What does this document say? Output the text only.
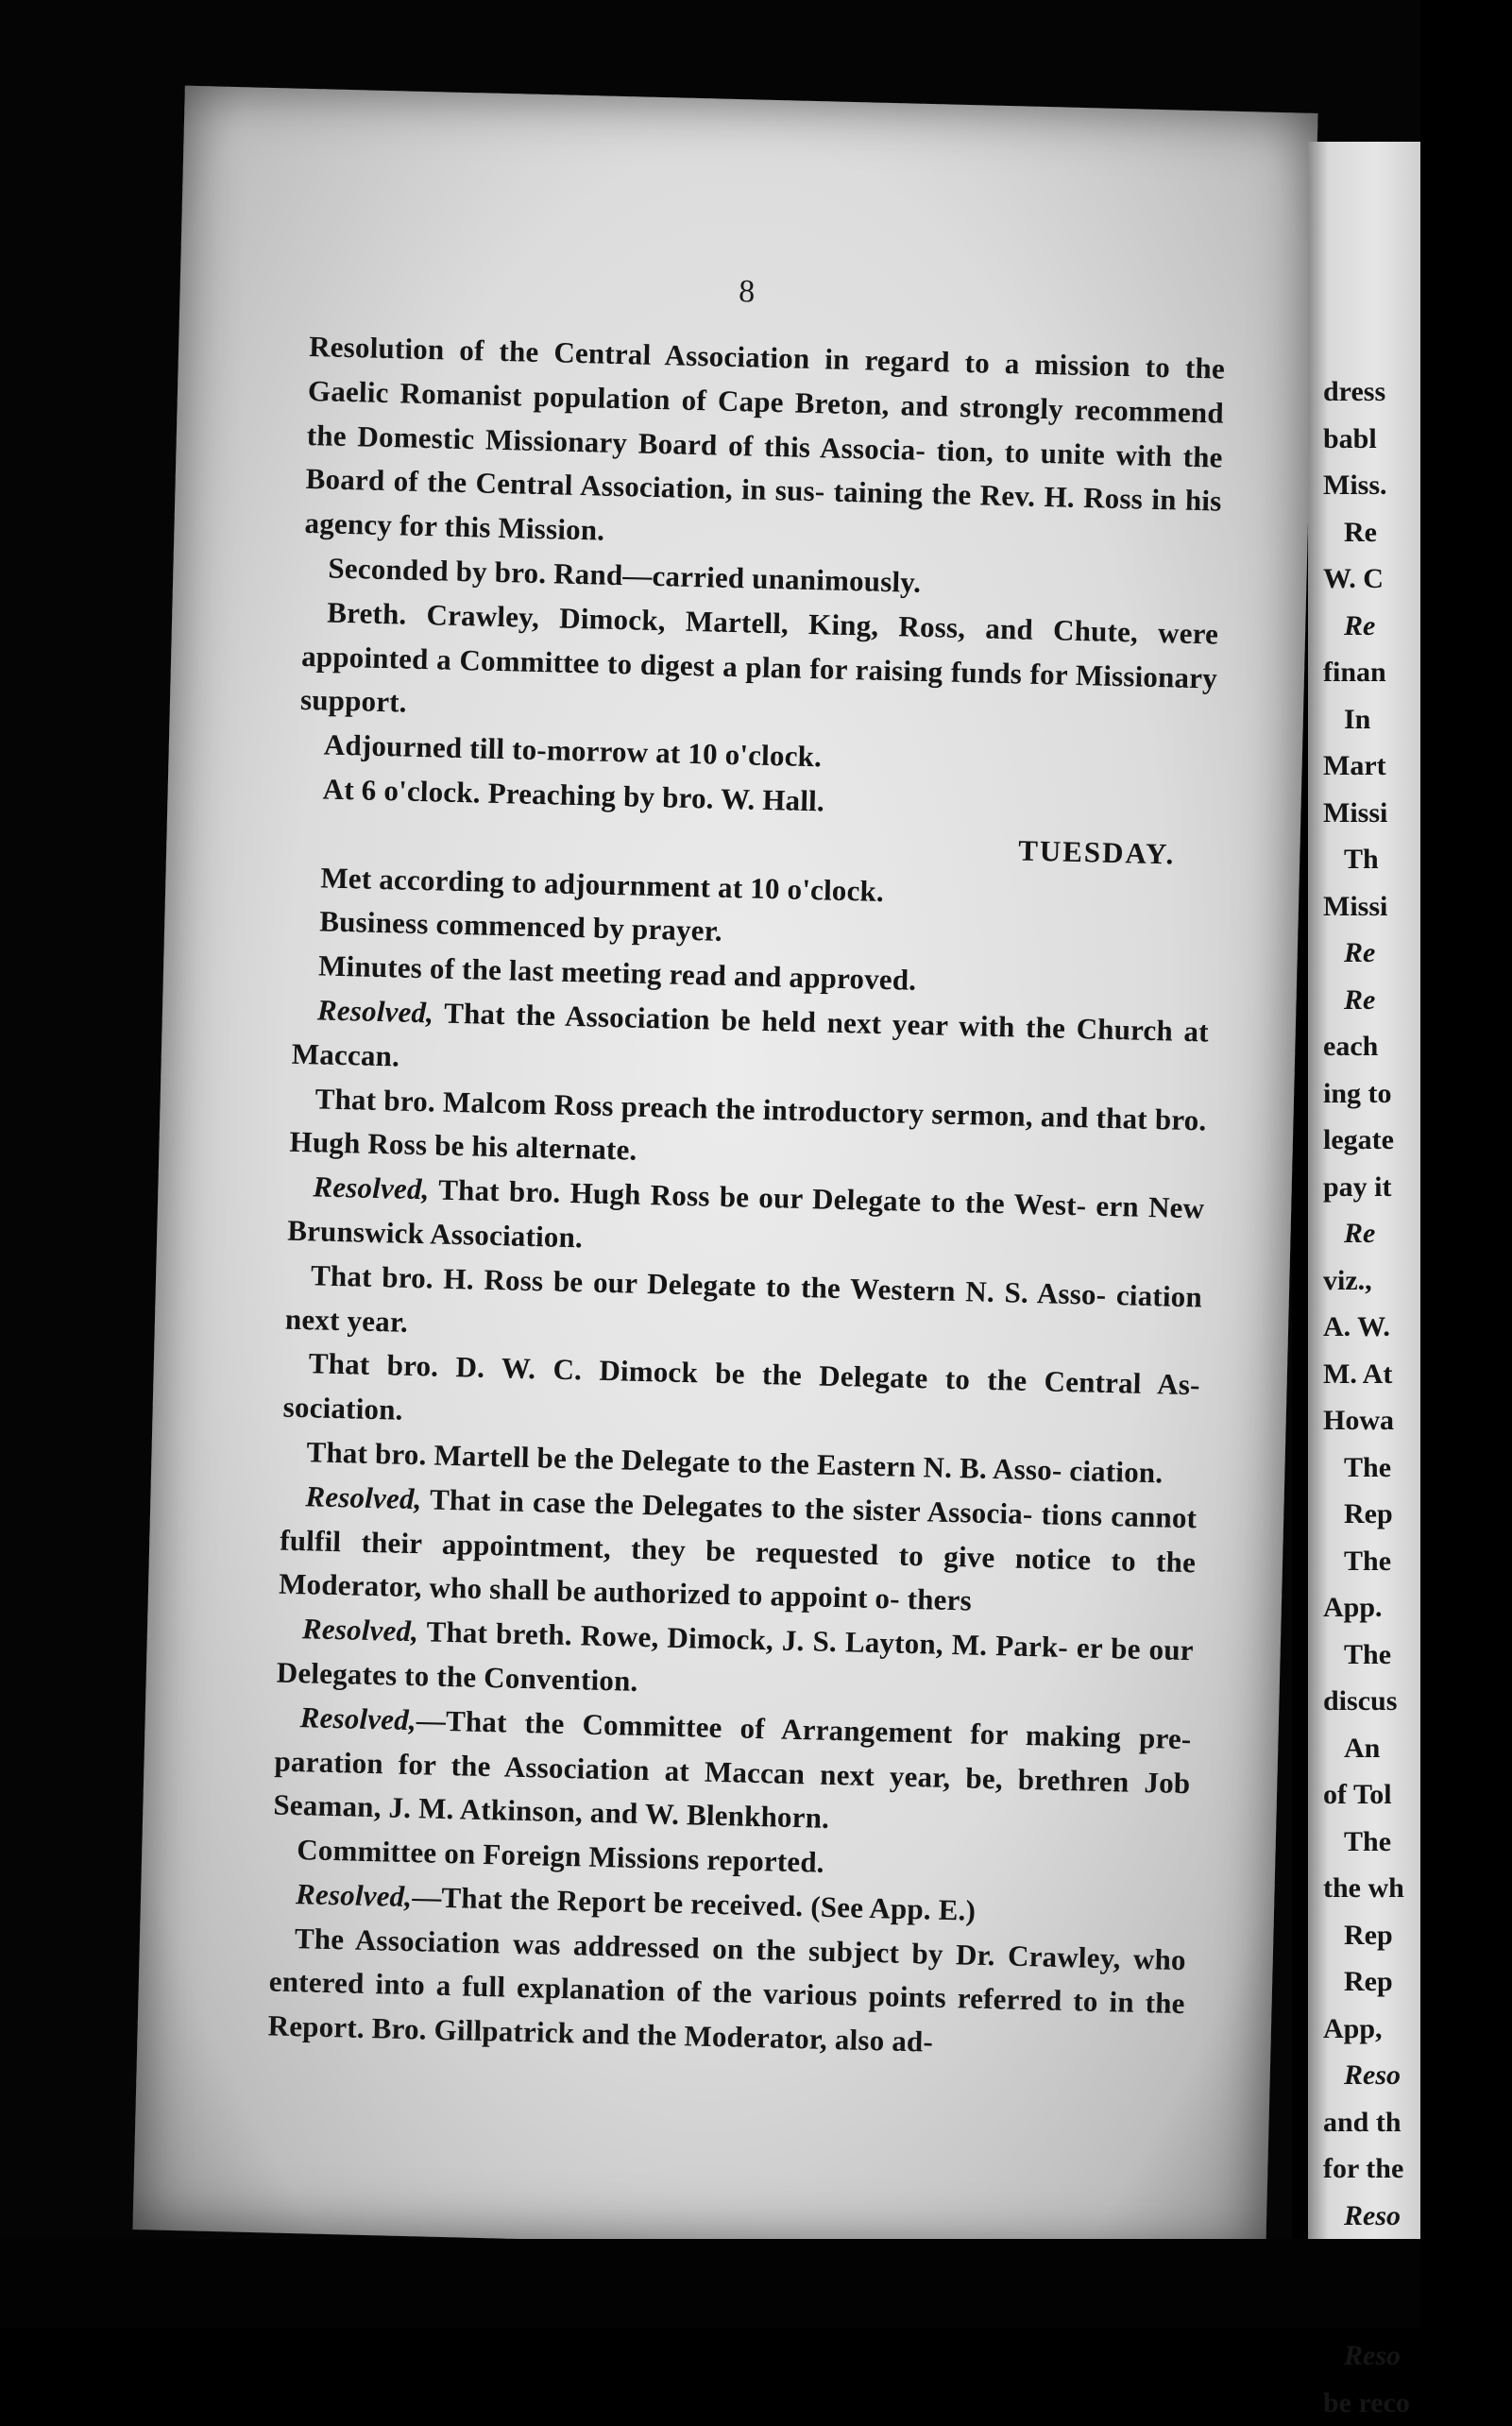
8

Resolution of the Central Association in regard to a mission to the Gaelic Romanist population of Cape Breton, and strongly recommend the Domestic Missionary Board of this Associa- tion, to unite with the Board of the Central Association, in sus- taining the Rev. H. Ross in his agency for this Mission.

Seconded by bro. Rand—carried unanimously.

Breth. Crawley, Dimock, Martell, King, Ross, and Chute, were appointed a Committee to digest a plan for raising funds for Missionary support.

Adjourned till to-morrow at 10 o'clock.

At 6 o'clock. Preaching by bro. W. Hall.

TUESDAY.

Met according to adjournment at 10 o'clock.

Business commenced by prayer.

Minutes of the last meeting read and approved.

Resolved, That the Association be held next year with the Church at Maccan.

That bro. Malcom Ross preach the introductory sermon, and that bro. Hugh Ross be his alternate.

Resolved, That bro. Hugh Ross be our Delegate to the West- ern New Brunswick Association.

That bro. H. Ross be our Delegate to the Western N. S. Asso- ciation next year.

That bro. D. W. C. Dimock be the Delegate to the Central As- sociation.

That bro. Martell be the Delegate to the Eastern N. B. Asso- ciation.

Resolved, That in case the Delegates to the sister Associa- tions cannot fulfil their appointment, they be requested to give notice to the Moderator, who shall be authorized to appoint o- thers

Resolved, That breth. Rowe, Dimock, J. S. Layton, M. Park- er be our Delegates to the Convention.

Resolved,—That the Committee of Arrangement for making pre- paration for the Association at Maccan next year, be, brethren Job Seaman, J. M. Atkinson, and W. Blenkhorn.

Committee on Foreign Missions reported.

Resolved,—That the Report be received. (See App. E.)

The Association was addressed on the subject by Dr. Crawley, who entered into a full explanation of the various points referred to in the Report. Bro. Gillpatrick and the Moderator, also ad-

dress
babl
Miss.
Re
W. C
Re
finan
In
Mart
Missi
Th
Missi
Re
Re
each
ing to
legate
pay it
Re
viz.,
A. W.
M. At
Howa
The
Rep
The
App.
The
discus
An
of Tol
The
the wh
Rep
Rep
App,
Reso
and th
for the
Reso
Reso
be reco
